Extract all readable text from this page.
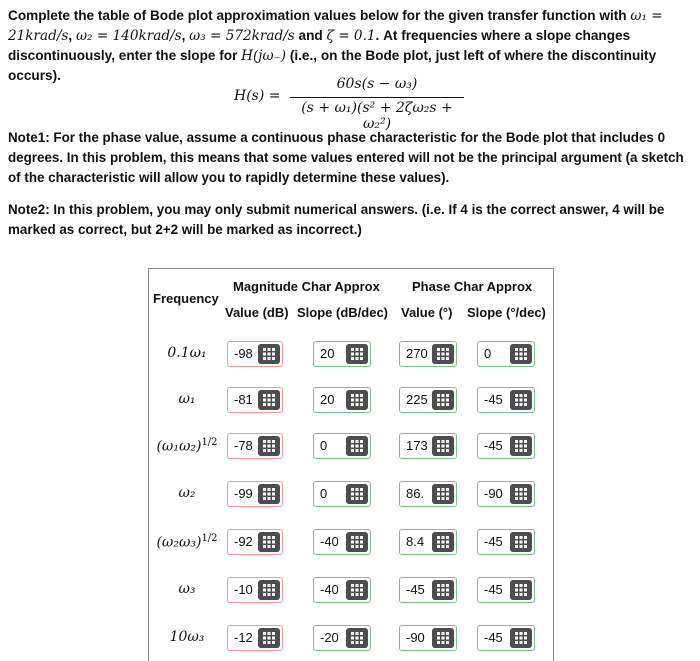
Complete the table of Bode plot approximation values below for the given transfer function with ω₁ = 21krad/s, ω₂ = 140krad/s, ω₃ = 572krad/s and ζ = 0.1. At frequencies where a slope changes discontinuously, enter the slope for H(jω₋) (i.e., on the Bode plot, just left of where the discontinuity occurs).
H(s) =
60s(s − ω₃)
(s + ω₁)(s² + 2ζω₂s + ω₂²)
Note1: For the phase value, assume a continuous phase characteristic for the Bode plot that includes 0 degrees. In this problem, this means that some values entered will not be the principal argument (a sketch of the characteristic will allow you to rapidly determine these values).
Note2: In this problem, you may only submit numerical answers. (i.e. If 4 is the correct answer, 4 will be marked as correct, but 2+2 will be marked as incorrect.)
Frequency
Magnitude Char Approx Phase Char Approx
Value (dB) Slope (dB/dec) Value (°) Slope (°/dec)
0.1ω₁	-98	20	270	0
ω₁	-81	20	225	-45
$(\omega_1\omega_2)^{1/2}$	-78	0	173	-45
ω₂	-99	0	86.	-90
$(\omega_2\omega_3)^{1/2}$	-92	-40	8.4	-45
ω₃	-10	-40	-45	-45
10ω₃	-12	-20	-90	-45
